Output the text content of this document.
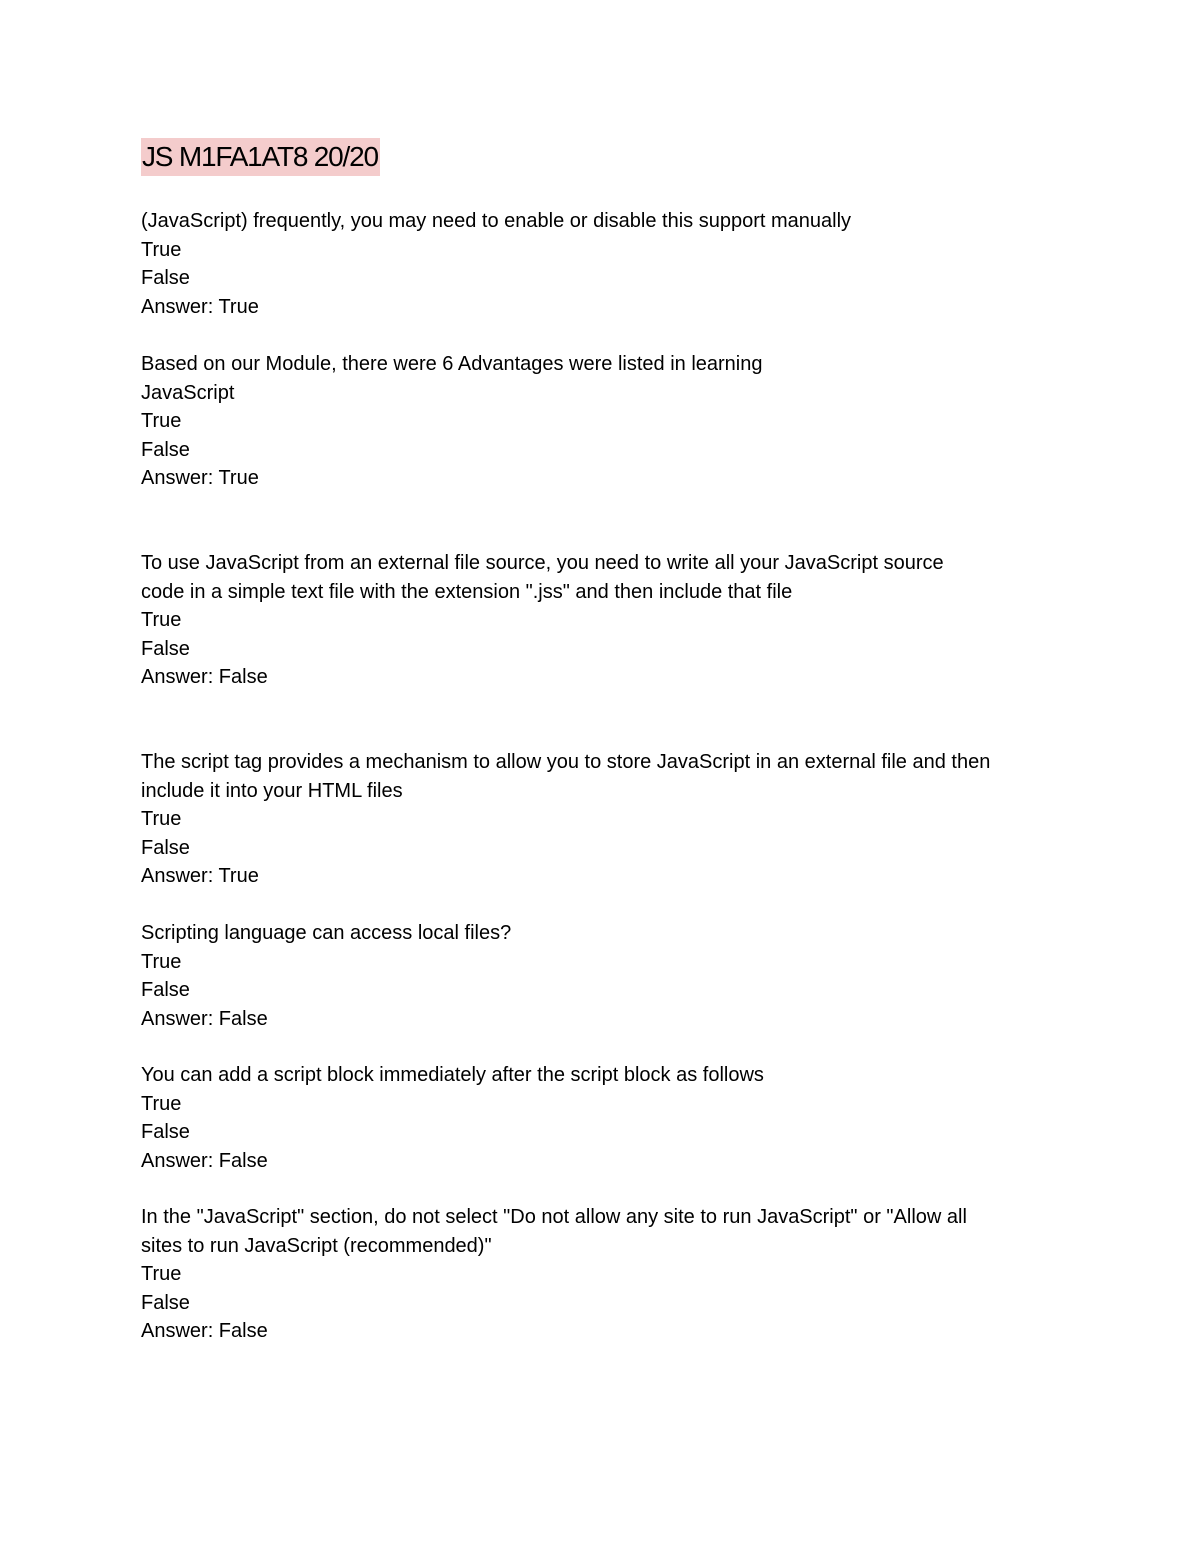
JS M1FA1AT8 20/20
(JavaScript) frequently, you may need to enable or disable this support manually
True
False
Answer: True
Based on our Module, there were 6 Advantages were listed in learning
JavaScript
True
False
Answer: True
To use JavaScript from an external file source, you need to write all your JavaScript source
code in a simple text file with the extension ".jss" and then include that file
True
False
Answer: False
The script tag provides a mechanism to allow you to store JavaScript in an external file and then
include it into your HTML files
True
False
Answer: True
Scripting language can access local files?
True
False
Answer: False
You can add a script block immediately after the script block as follows
True
False
Answer: False
In the "JavaScript" section, do not select "Do not allow any site to run JavaScript" or "Allow all
sites to run JavaScript (recommended)"
True
False
Answer: False
